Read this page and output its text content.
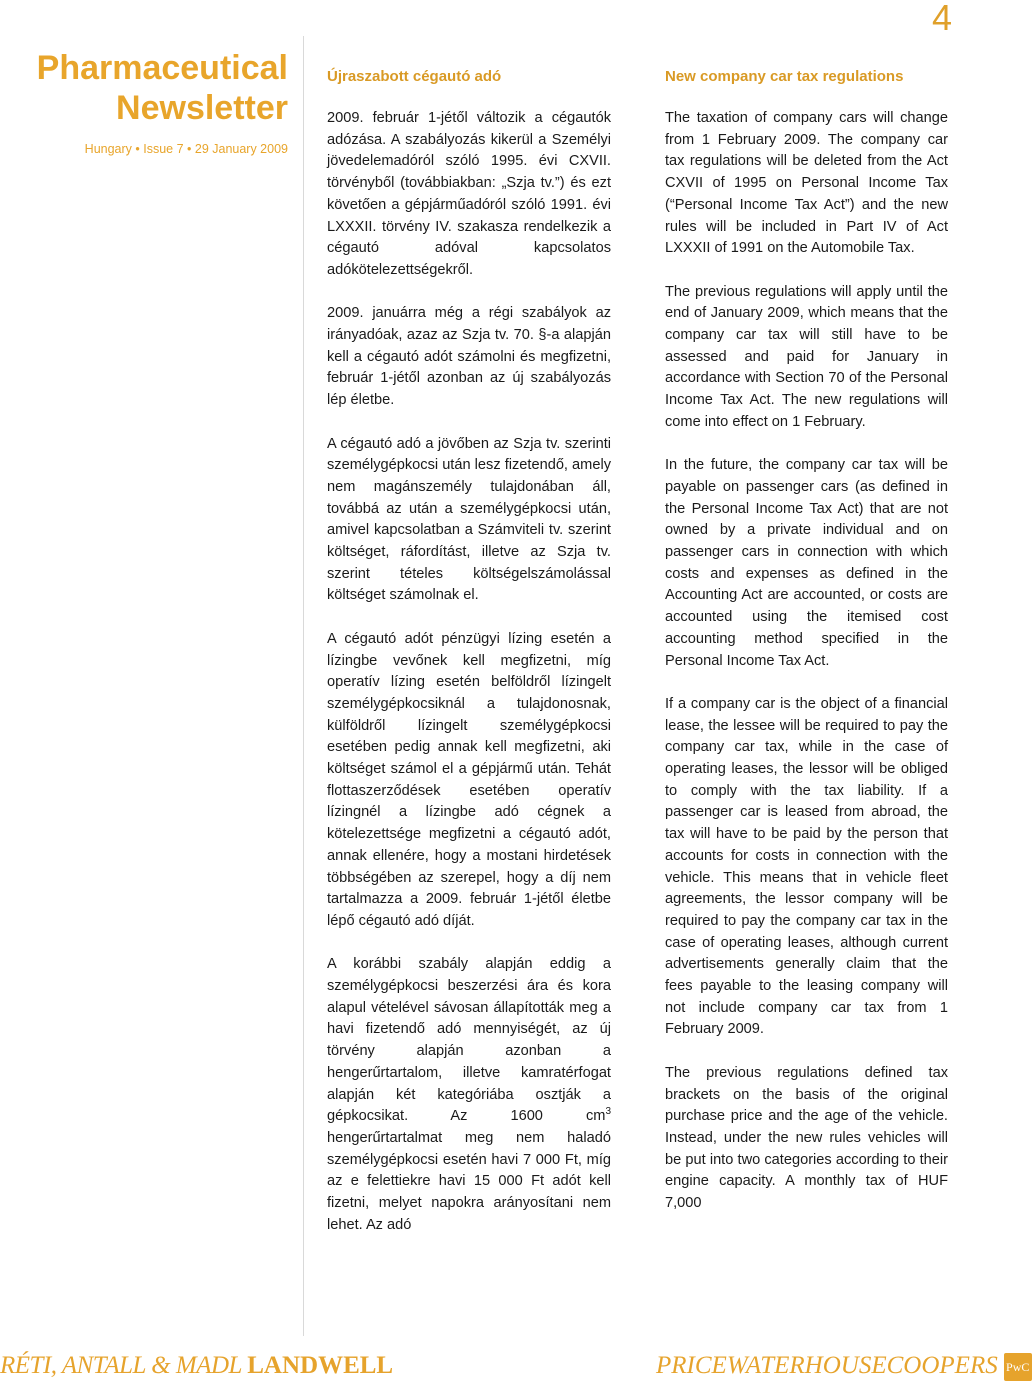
4
Pharmaceutical
Newsletter
Hungary • Issue 7 • 29 January 2009
Újraszabott cégautó adó

2009. február 1-jétől változik a cégautók adózása. A szabályozás kikerül a Személyi jövedelemadóról szóló 1995. évi CXVII. törvényből (továbbiakban: „Szja tv.”) és ezt követően a gépjárműadóról szóló 1991. évi LXXXII. törvény IV. szakasza rendelkezik a cégautó adóval kapcsolatos adókötelezettségekről.

2009. januárra még a régi szabályok az irányadóak, azaz az Szja tv. 70. §-a alapján kell a cégautó adót számolni és megfizetni, február 1-jétől azonban az új szabályozás lép életbe.

A cégautó adó a jövőben az Szja tv. szerinti személygépkocsi után lesz fizetendő, amely nem magánszemély tulajdonában áll, továbbá az után a személygépkocsi után, amivel kapcsolatban a Számviteli tv. szerint költséget, ráfordítást, illetve az Szja tv. szerint tételes költségelszámolással költséget számolnak el.

A cégautó adót pénzügyi lízing esetén a lízingbe vevőnek kell megfizetni, míg operatív lízing esetén belföldről lízingelt személygépkocsiknál a tulajdonosnak, külföldről lízingelt személygépkocsi esetében pedig annak kell megfizetni, aki költséget számol el a gépjármű után. Tehát flottaszerződések esetében operatív lízingnél a lízingbe adó cégnek a kötelezettsége megfizetni a cégautó adót, annak ellenére, hogy a mostani hirdetések többségében az szerepel, hogy a díj nem tartalmazza a 2009. február 1-jétől életbe lépő cégautó adó díját.

A korábbi szabály alapján eddig a személygépkocsi beszerzési ára és kora alapul vételével sávosan állapították meg a havi fizetendő adó mennyiségét, az új törvény alapján azonban a hengerűrtartalom, illetve kamratérfogat alapján két kategóriába osztják a gépkocsikat. Az 1600 $cm^3$ hengerűrtartalmat meg nem haladó személygépkocsi esetén havi 7 000 Ft, míg az e felettiekre havi 15 000 Ft adót kell fizetni, melyet napokra arányosítani nem lehet. Az adó

New company car tax regulations

The taxation of company cars will change from 1 February 2009. The company car tax regulations will be deleted from the Act CXVII of 1995 on Personal Income Tax (“Personal Income Tax Act”) and the new rules will be included in Part IV of Act LXXXII of 1991 on the Automobile Tax.

The previous regulations will apply until the end of January 2009, which means that the company car tax will still have to be assessed and paid for January in accordance with Section 70 of the Personal Income Tax Act. The new regulations will come into effect on 1 February.

In the future, the company car tax will be payable on passenger cars (as defined in the Personal Income Tax Act) that are not owned by a private individual and on passenger cars in connection with which costs and expenses as defined in the Accounting Act are accounted, or costs are accounted using the itemised cost accounting method specified in the Personal Income Tax Act.

If a company car is the object of a financial lease, the lessee will be required to pay the company car tax, while in the case of operating leases, the lessor will be obliged to comply with the tax liability. If a passenger car is leased from abroad, the tax will have to be paid by the person that accounts for costs in connection with the vehicle. This means that in vehicle fleet agreements, the lessor company will be required to pay the company car tax in the case of operating leases, although current advertisements generally claim that the fees payable to the leasing company will not include company car tax from 1 February 2009.

The previous regulations defined tax brackets on the basis of the original purchase price and the age of the vehicle. Instead, under the new rules vehicles will be put into two categories according to their engine capacity. A monthly tax of HUF 7,000

RÉTI, ANTALL & MADL LANDWELL	PRICEWATERHOUSECOOPERS PwC
